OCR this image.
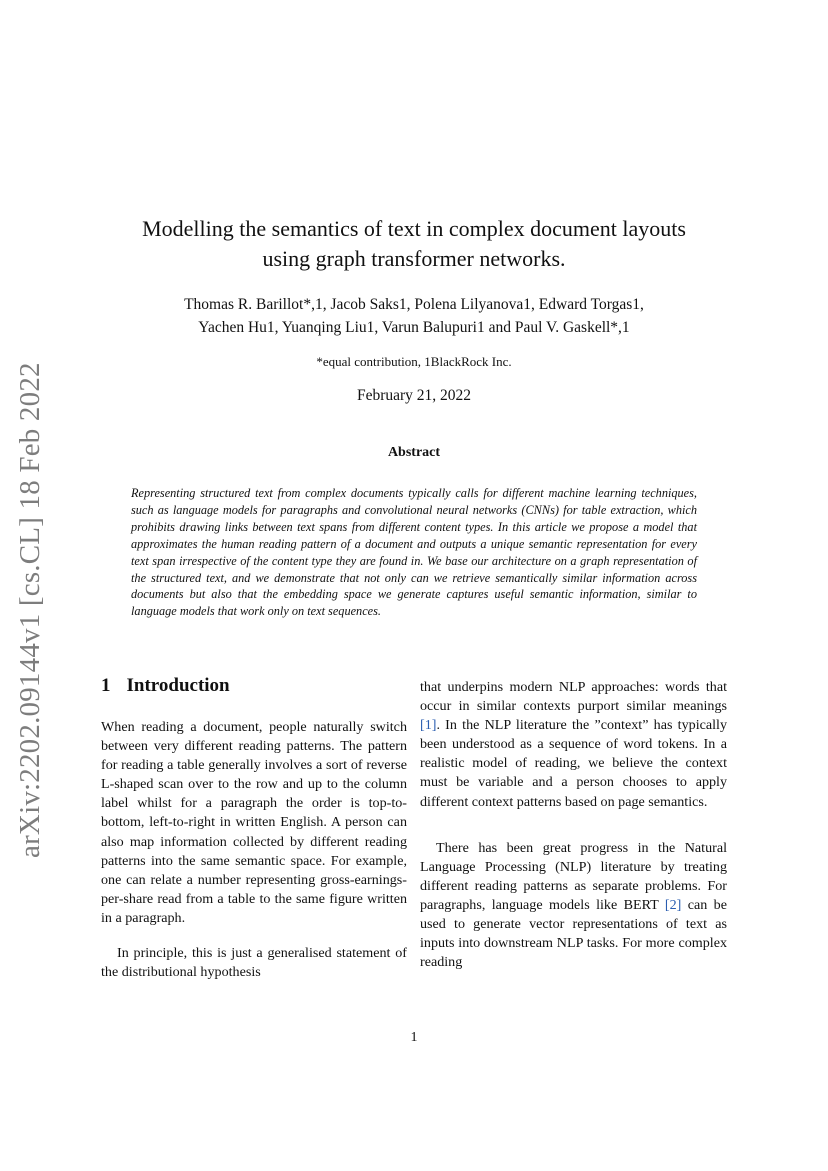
arXiv:2202.09144v1 [cs.CL] 18 Feb 2022
Modelling the semantics of text in complex document layouts
using graph transformer networks.
Thomas R. Barillot*,1, Jacob Saks1, Polena Lilyanova1, Edward Torgas1,
Yachen Hu1, Yuanqing Liu1, Varun Balupuri1 and Paul V. Gaskell*,1
*equal contribution, 1BlackRock Inc.
February 21, 2022
Abstract
Representing structured text from complex documents typically calls for different machine learning techniques, such as language models for paragraphs and convolutional neural networks (CNNs) for table extraction, which prohibits drawing links between text spans from different content types. In this article we propose a model that approximates the human reading pattern of a document and outputs a unique semantic representation for every text span irrespective of the content type they are found in. We base our architecture on a graph representation of the structured text, and we demonstrate that not only can we retrieve semantically similar information across documents but also that the embedding space we generate captures useful semantic information, similar to language models that work only on text sequences.
1 Introduction

When reading a document, people naturally switch between very different reading patterns. The pattern for reading a table generally involves a sort of reverse L-shaped scan over to the row and up to the column label whilst for a paragraph the order is top-to-bottom, left-to-right in written English. A person can also map information collected by different reading patterns into the same semantic space. For example, one can relate a number representing gross-earnings-per-share read from a table to the same figure written in a paragraph.

In principle, this is just a generalised statement of the distributional hypothesis

that underpins modern NLP approaches: words that occur in similar contexts purport similar meanings [1]. In the NLP literature the ”context” has typically been understood as a sequence of word tokens. In a realistic model of reading, we believe the context must be variable and a person chooses to apply different context patterns based on page semantics.

There has been great progress in the Natural Language Processing (NLP) literature by treating different reading patterns as separate problems. For paragraphs, language models like BERT [2] can be used to generate vector representations of text as inputs into downstream NLP tasks. For more complex reading

1
